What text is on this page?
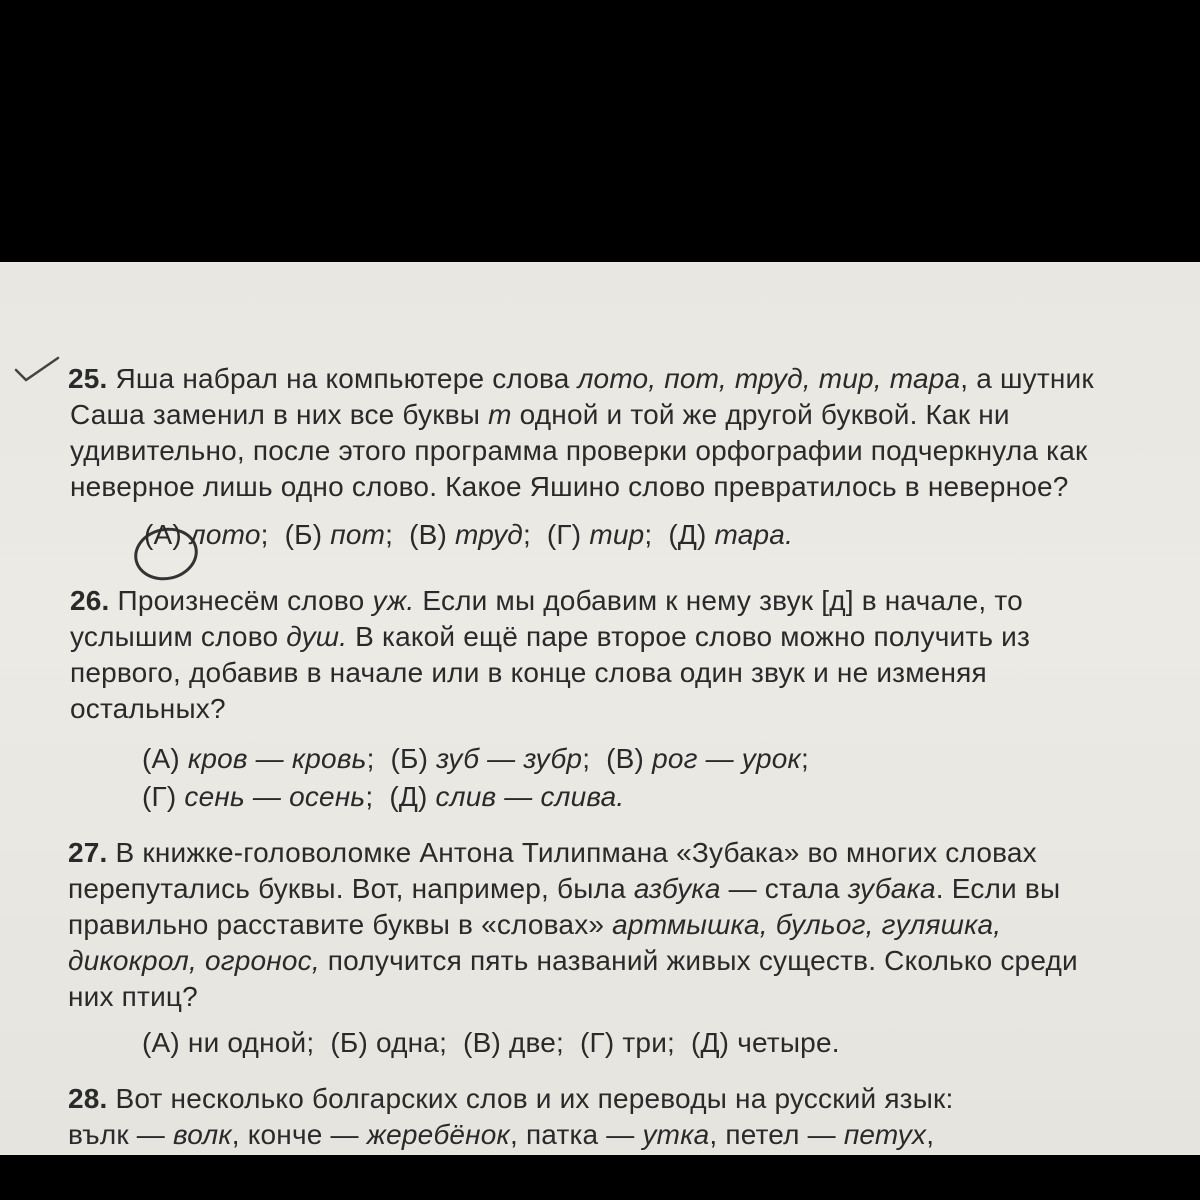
25. Яша набрал на компьютере слова лото, пот, труд, тир, тара, а шутник
Саша заменил в них все буквы т одной и той же другой буквой. Как ни
удивительно, после этого программа проверки орфографии подчеркнула как
неверное лишь одно слово. Какое Яшино слово превратилось в неверное?
(А) лото;  (Б) пот;  (В) труд;  (Г) тир;  (Д) тара.
26. Произнесём слово уж. Если мы добавим к нему звук [д] в начале, то
услышим слово душ. В какой ещё паре второе слово можно получить из
первого, добавив в начале или в конце слова один звук и не изменяя
остальных?
(А) кров — кровь;  (Б) зуб — зубр;  (В) рог — урок;
(Г) сень — осень;  (Д) слив — слива.
27. В книжке-головоломке Антона Тилипмана «Зубака» во многих словах
перепутались буквы. Вот, например, была азбука — стала зубака. Если вы
правильно расставите буквы в «словах» артмышка, бульог, гуляшка,
дикокрол, огронос, получится пять названий живых существ. Сколько среди
них птиц?
(А) ни одной;  (Б) одна;  (В) две;  (Г) три;  (Д) четыре.
28. Вот несколько болгарских слов и их переводы на русский язык:
вълк — волк, конче — жеребёнок, патка — утка, петел — петух,
